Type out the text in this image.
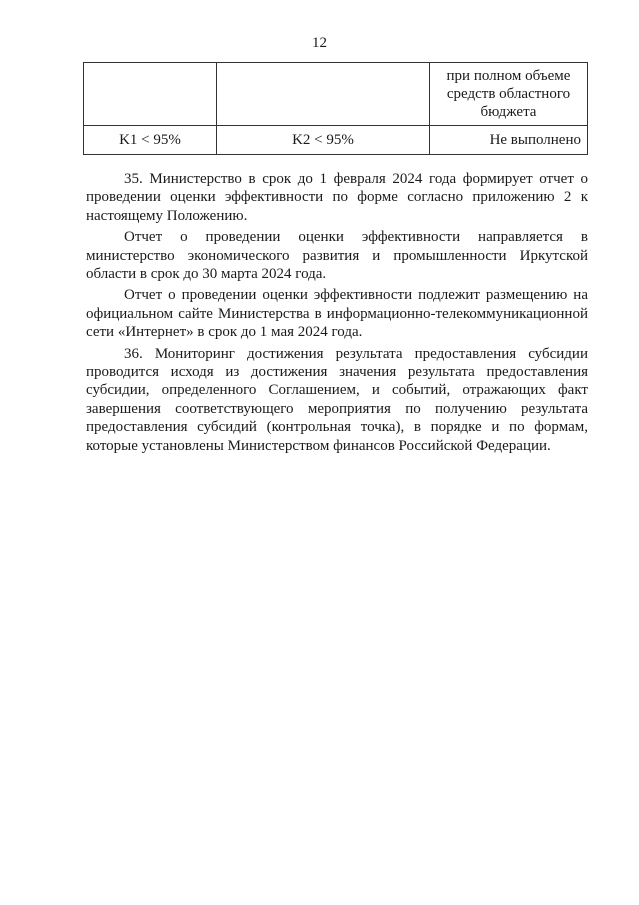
12
		при полном объеме средств областного бюджета
K1 < 95%	K2 < 95%	Не выполнено

35. Министерство в срок до 1 февраля 2024 года формирует отчет о проведении оценки эффективности по форме согласно приложению 2 к настоящему Положению.

Отчет о проведении оценки эффективности направляется в министерство экономического развития и промышленности Иркутской области в срок до 30 марта 2024 года.

Отчет о проведении оценки эффективности подлежит размещению на официальном сайте Министерства в информационно-телекоммуникационной сети «Интернет» в срок до 1 мая 2024 года.

36. Мониторинг достижения результата предоставления субсидии проводится исходя из достижения значения результата предоставления субсидии, определенного Соглашением, и событий, отражающих факт завершения соответствующего мероприятия по получению результата предоставления субсидий (контрольная точка), в порядке и по формам, которые установлены Министерством финансов Российской Федерации.
